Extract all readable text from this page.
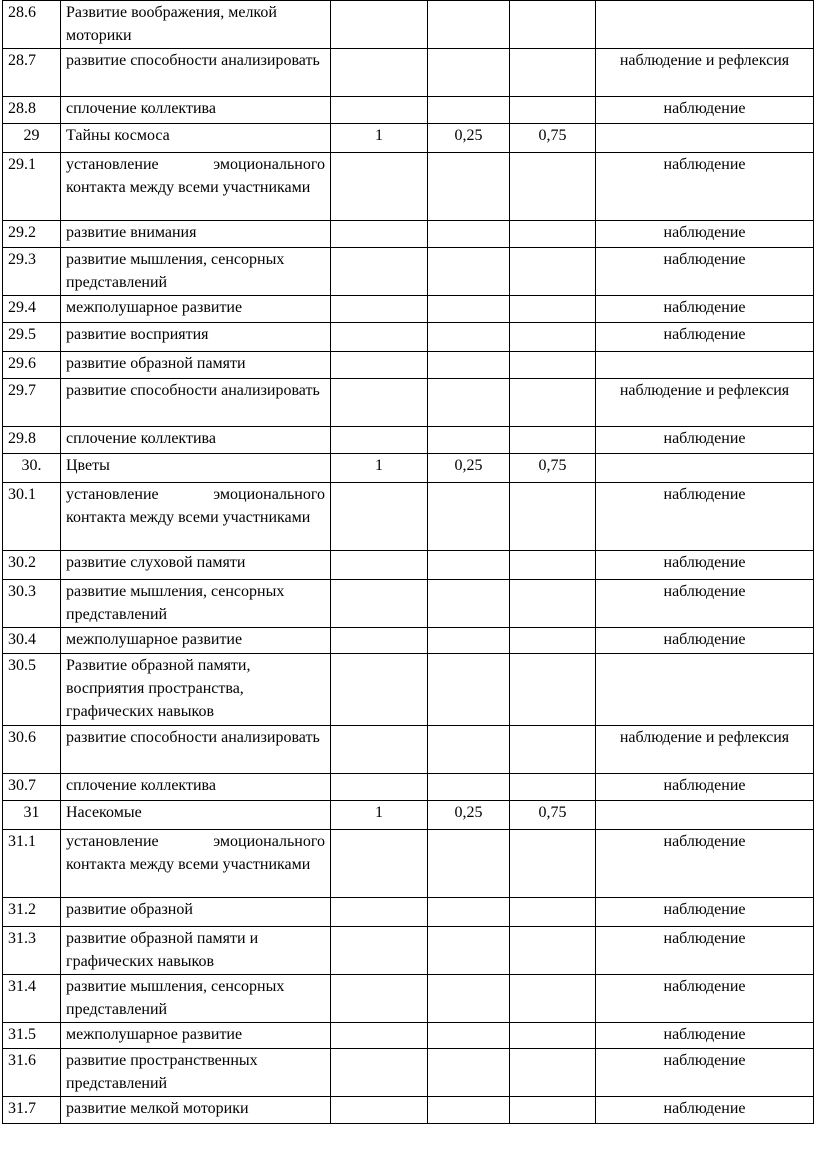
28.6	Развитие воображения, мелкой моторики				
28.7	развитие способности анализировать				наблюдение и рефлексия
28.8	сплочение коллектива				наблюдение
29	Тайны космоса	1	0,25	0,75	
29.1	установление эмоционального контакта между всеми участниками				наблюдение
29.2	развитие внимания				наблюдение
29.3	развитие мышления, сенсорных представлений				наблюдение
29.4	межполушарное развитие				наблюдение
29.5	развитие восприятия				наблюдение
29.6	развитие образной памяти				
29.7	развитие способности анализировать				наблюдение и рефлексия
29.8	сплочение коллектива				наблюдение
30.	Цветы	1	0,25	0,75	
30.1	установление эмоционального контакта между всеми участниками				наблюдение
30.2	развитие слуховой памяти				наблюдение
30.3	развитие мышления, сенсорных представлений				наблюдение
30.4	межполушарное развитие				наблюдение
30.5	Развитие образной памяти, восприятия пространства, графических навыков				
30.6	развитие способности анализировать				наблюдение и рефлексия
30.7	сплочение коллектива				наблюдение
31	Насекомые	1	0,25	0,75	
31.1	установление эмоционального контакта между всеми участниками				наблюдение
31.2	развитие образной				наблюдение
31.3	развитие образной памяти и графических навыков				наблюдение
31.4	развитие мышления, сенсорных представлений				наблюдение
31.5	межполушарное развитие				наблюдение
31.6	развитие пространственных представлений				наблюдение
31.7	развитие мелкой моторики				наблюдение
